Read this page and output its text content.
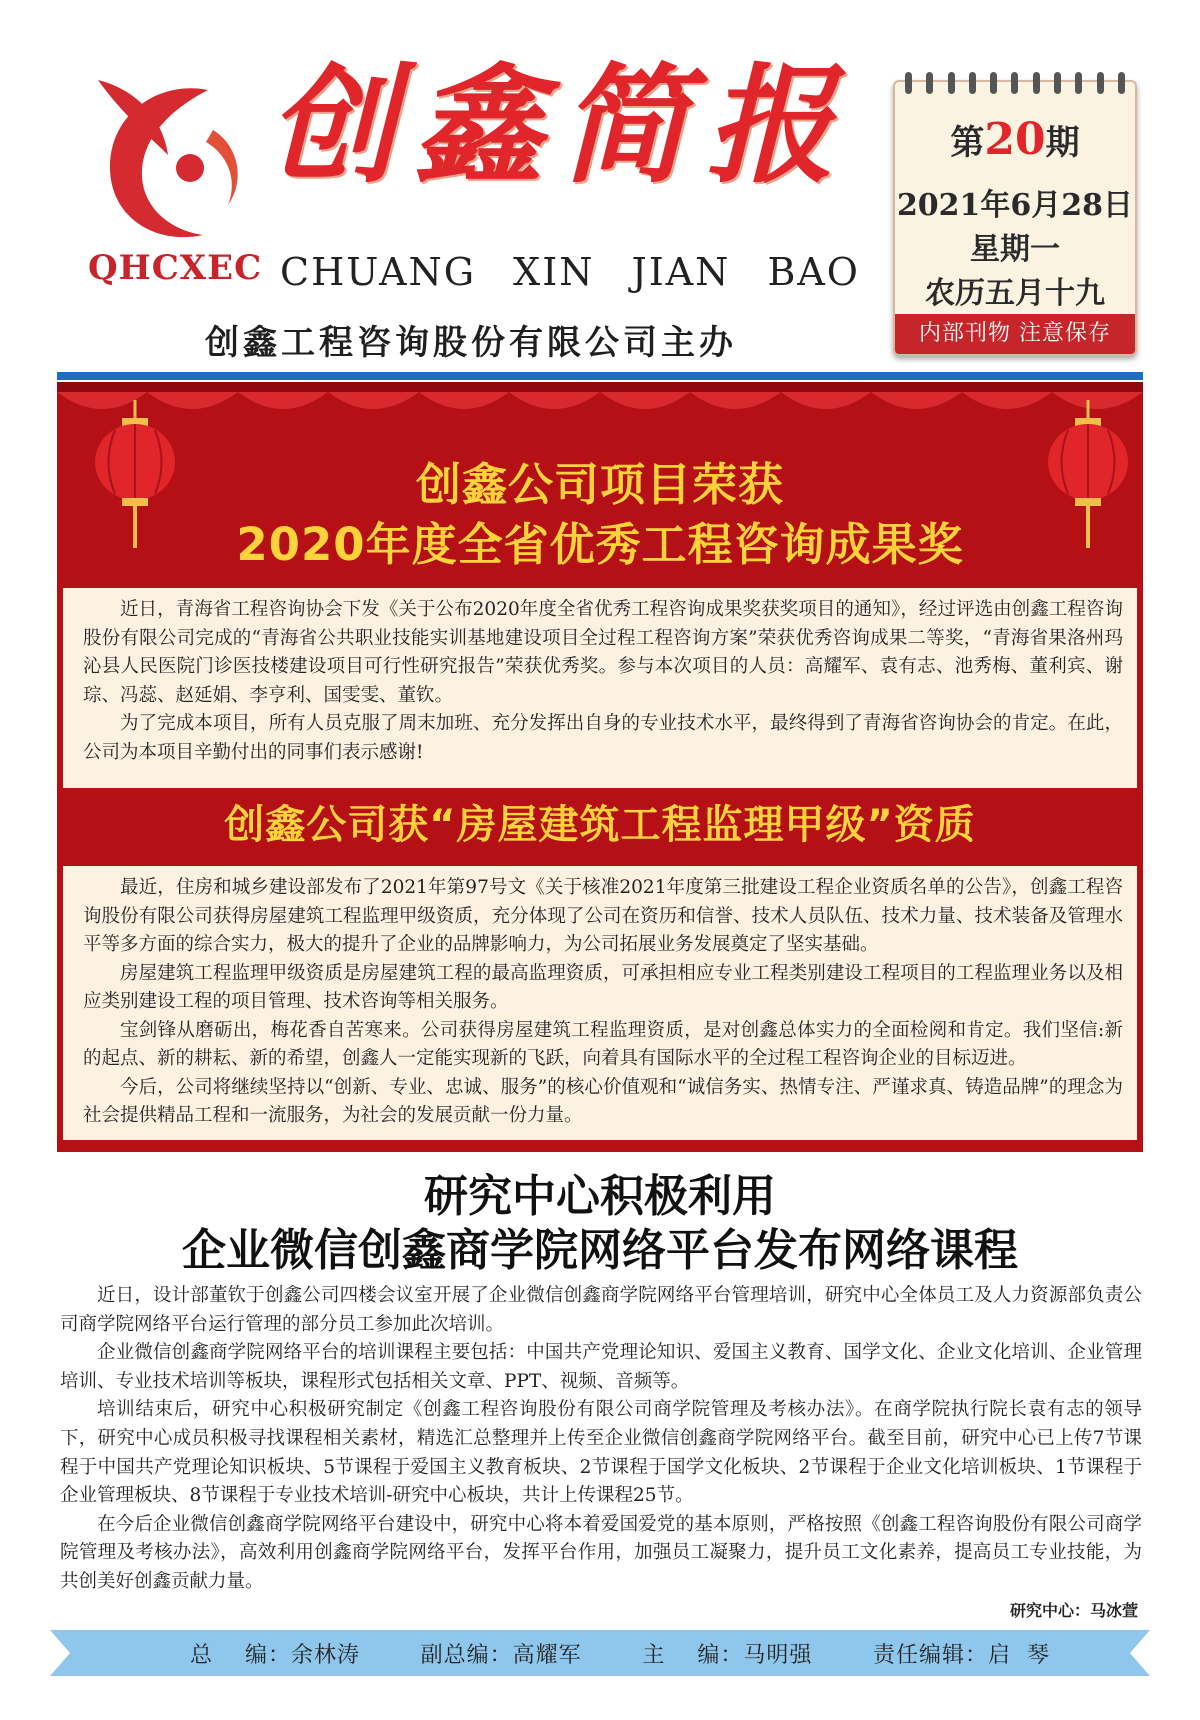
QHCXEC
创鑫简报
CHUANG XIN JIAN BAO
创鑫工程咨询股份有限公司主办
第20期
2021年6月28日
星期一
农历五月十九
内部刊物 注意保存
创鑫公司项目荣获
2020年度全省优秀工程咨询成果奖

近日，青海省工程咨询协会下发《关于公布2020年度全省优秀工程咨询成果奖获奖项目的通知》，经过评选由创鑫工程咨询股份有限公司完成的“青海省公共职业技能实训基地建设项目全过程工程咨询方案”荣获优秀咨询成果二等奖，“青海省果洛州玛沁县人民医院门诊医技楼建设项目可行性研究报告”荣获优秀奖。参与本次项目的人员：高耀军、袁有志、池秀梅、董利宾、谢琮、冯蕊、赵延娟、李亨利、国雯雯、董钦。

为了完成本项目，所有人员克服了周末加班、充分发挥出自身的专业技术水平，最终得到了青海省咨询协会的肯定。在此，公司为本项目辛勤付出的同事们表示感谢!

创鑫公司获“房屋建筑工程监理甲级”资质

最近，住房和城乡建设部发布了2021年第97号文《关于核准2021年度第三批建设工程企业资质名单的公告》，创鑫工程咨询股份有限公司获得房屋建筑工程监理甲级资质，充分体现了公司在资历和信誉、技术人员队伍、技术力量、技术装备及管理水平等多方面的综合实力，极大的提升了企业的品牌影响力，为公司拓展业务发展奠定了坚实基础。

房屋建筑工程监理甲级资质是房屋建筑工程的最高监理资质，可承担相应专业工程类别建设工程项目的工程监理业务以及相应类别建设工程的项目管理、技术咨询等相关服务。

宝剑锋从磨砺出，梅花香自苦寒来。公司获得房屋建筑工程监理资质，是对创鑫总体实力的全面检阅和肯定。我们坚信:新的起点、新的耕耘、新的希望，创鑫人一定能实现新的飞跃，向着具有国际水平的全过程工程咨询企业的目标迈进。

今后，公司将继续坚持以“创新、专业、忠诚、服务”的核心价值观和“诚信务实、热情专注、严谨求真、铸造品牌”的理念为社会提供精品工程和一流服务，为社会的发展贡献一份力量。

研究中心积极利用
企业微信创鑫商学院网络平台发布网络课程

近日，设计部董钦于创鑫公司四楼会议室开展了企业微信创鑫商学院网络平台管理培训，研究中心全体员工及人力资源部负责公司商学院网络平台运行管理的部分员工参加此次培训。

企业微信创鑫商学院网络平台的培训课程主要包括：中国共产党理论知识、爱国主义教育、国学文化、企业文化培训、企业管理培训、专业技术培训等板块，课程形式包括相关文章、PPT、视频、音频等。

培训结束后，研究中心积极研究制定《创鑫工程咨询股份有限公司商学院管理及考核办法》。在商学院执行院长袁有志的领导下，研究中心成员积极寻找课程相关素材，精选汇总整理并上传至企业微信创鑫商学院网络平台。截至目前，研究中心已上传7节课程于中国共产党理论知识板块、5节课程于爱国主义教育板块、2节课程于国学文化板块、2节课程于企业文化培训板块、1节课程于企业管理板块、8节课程于专业技术培训-研究中心板块，共计上传课程25节。

在今后企业微信创鑫商学院网络平台建设中，研究中心将本着爱国爱党的基本原则，严格按照《创鑫工程咨询股份有限公司商学院管理及考核办法》，高效利用创鑫商学院网络平台，发挥平台作用，加强员工凝聚力，提升员工文化素养，提高员工专业技能，为共创美好创鑫贡献力量。

研究中心：马冰萱
总    编：余林涛	副总编：高耀军	主    编：马明强	责任编辑：启  琴
